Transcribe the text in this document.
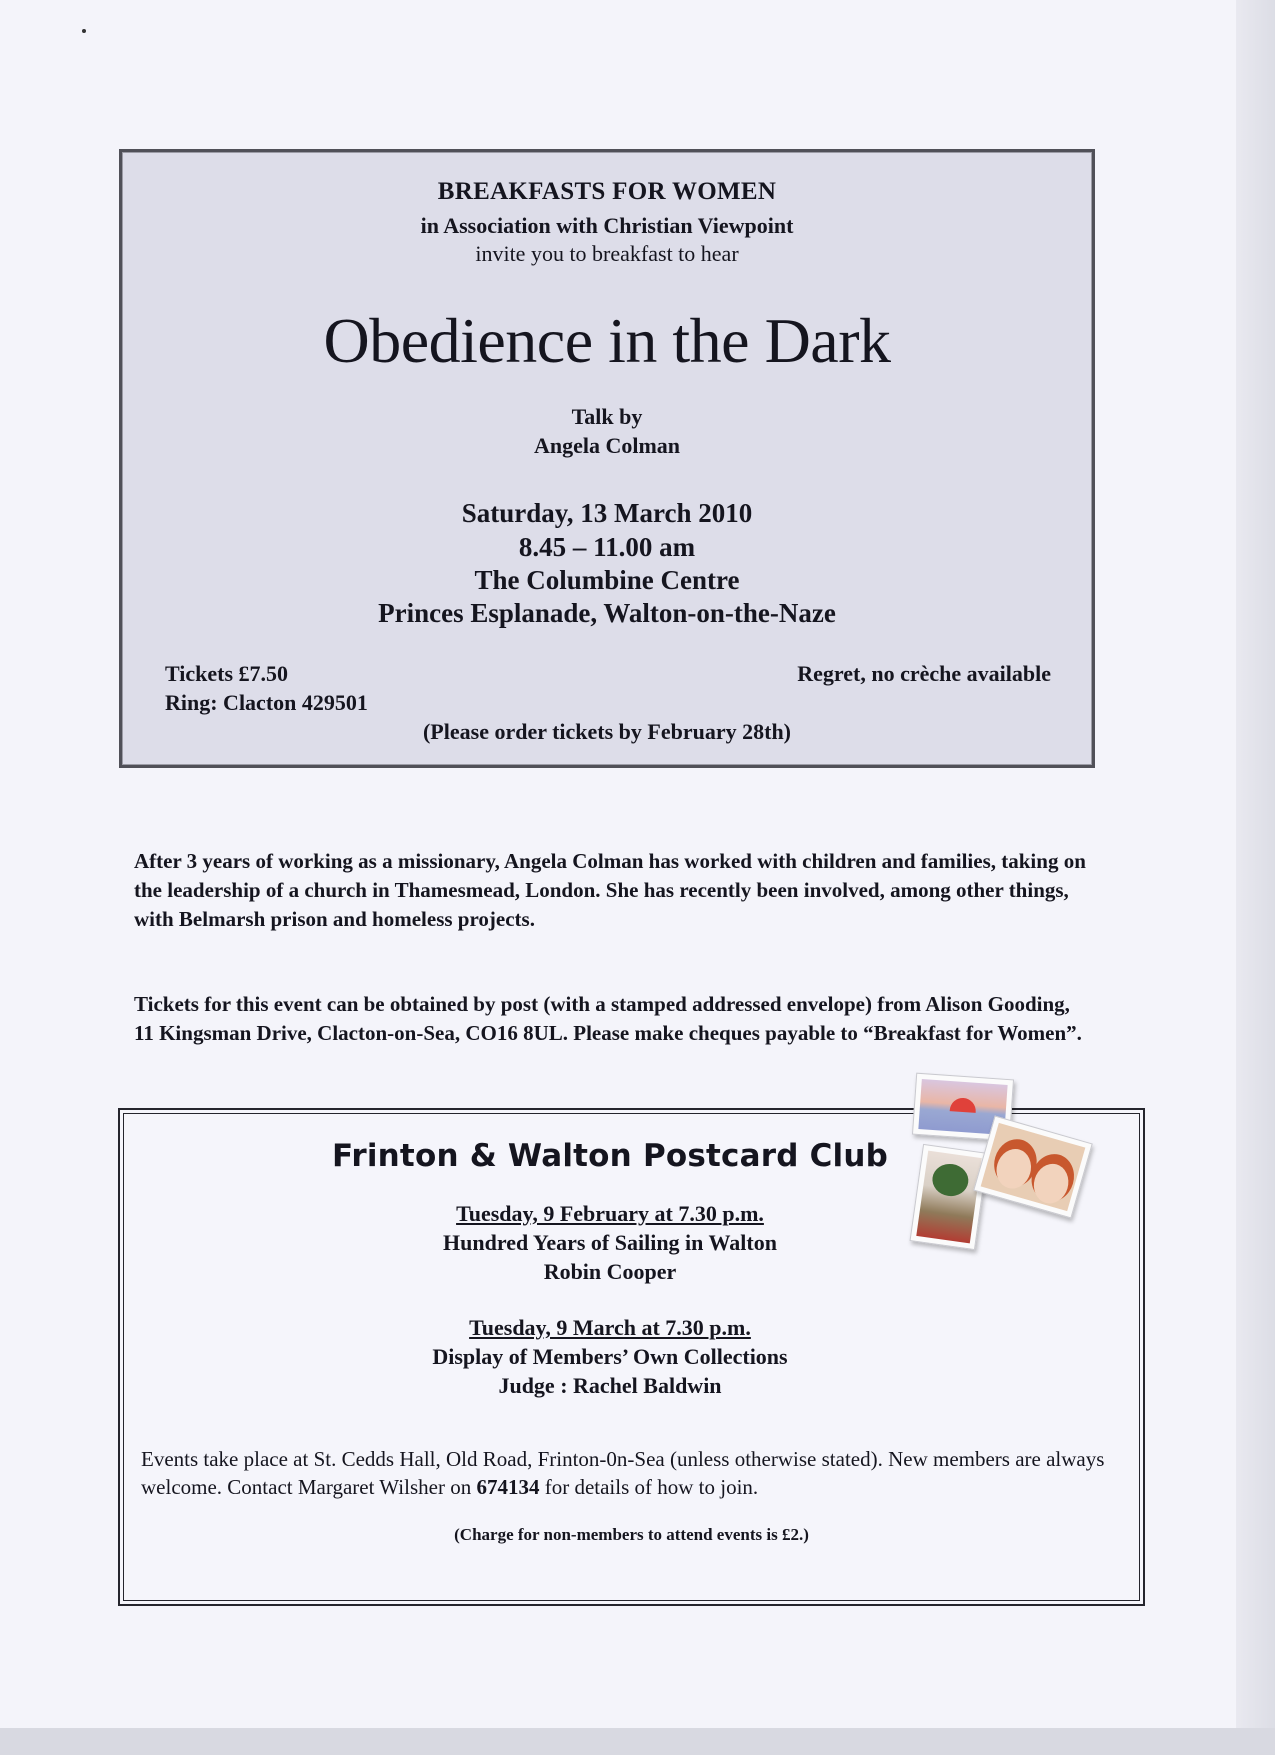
BREAKFASTS FOR WOMEN
in Association with Christian Viewpoint
invite you to breakfast to hear
Obedience in the Dark
Talk by
Angela Colman
Saturday, 13 March 2010
8.45 – 11.00 am
The Columbine Centre
Princes Esplanade, Walton-on-the-Naze
Tickets £7.50
Ring: Clacton 429501
Regret, no crèche available
(Please order tickets by February 28th)

After 3 years of working as a missionary, Angela Colman has worked with children and families, taking on the leadership of a church in Thamesmead, London. She has recently been involved, among other things, with Belmarsh prison and homeless projects.

Tickets for this event can be obtained by post (with a stamped addressed envelope) from Alison Gooding, 11 Kingsman Drive, Clacton-on-Sea, CO16 8UL. Please make cheques payable to “Breakfast for Women”.

Frinton & Walton Postcard Club
Tuesday, 9 February at 7.30 p.m.
Hundred Years of Sailing in Walton
Robin Cooper
Tuesday, 9 March at 7.30 p.m.
Display of Members’ Own Collections
Judge : Rachel Baldwin
Events take place at St. Cedds Hall, Old Road, Frinton-0n-Sea (unless otherwise stated). New members are always welcome. Contact Margaret Wilsher on 674134 for details of how to join.
(Charge for non-members to attend events is £2.)
